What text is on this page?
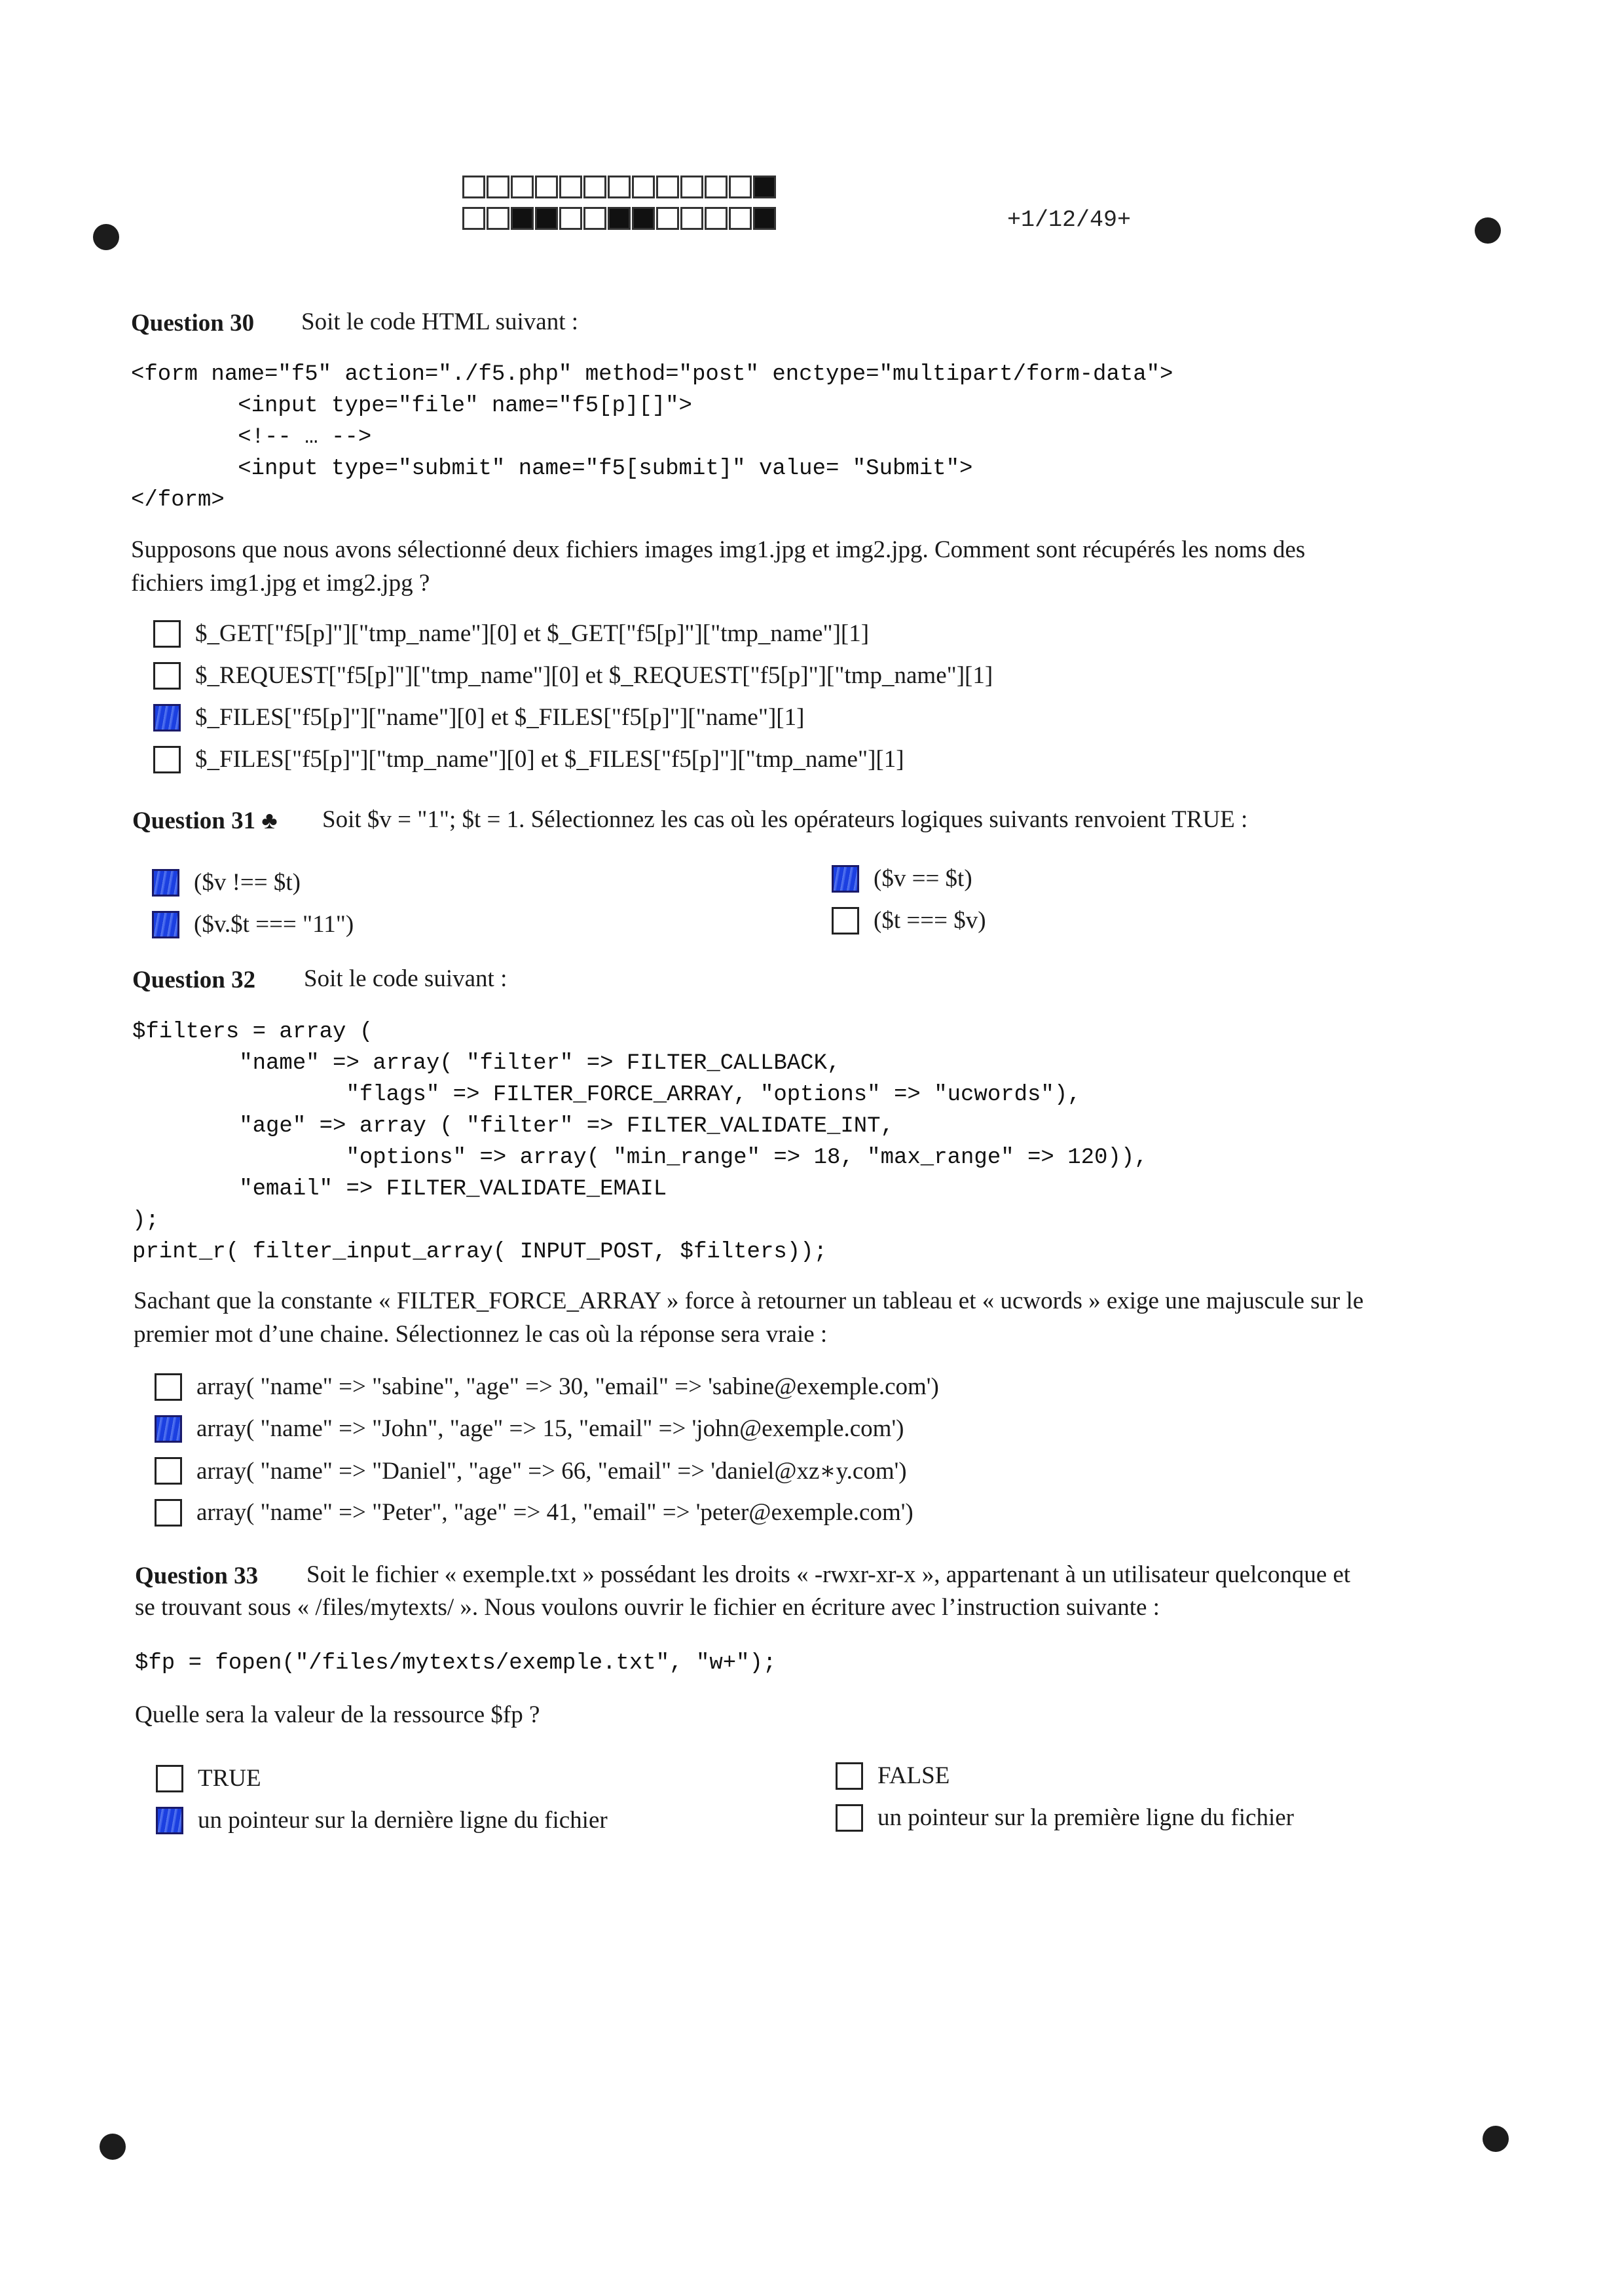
+1/12/49+
Question 30 Soit le code HTML suivant :
<form name="f5" action="./f5.php" method="post" enctype="multipart/form-data">
<input type="file" name="f5[p][]">
<!-- … -->
<input type="submit" name="f5[submit]" value= "Submit">
</form>
Supposons que nous avons sélectionné deux fichiers images img1.jpg et img2.jpg. Comment sont récupérés les noms des
fichiers img1.jpg et img2.jpg ?
$_GET["f5[p]"]["tmp_name"][0] et $_GET["f5[p]"]["tmp_name"][1]
$_REQUEST["f5[p]"]["tmp_name"][0] et $_REQUEST["f5[p]"]["tmp_name"][1]
$_FILES["f5[p]"]["name"][0] et $_FILES["f5[p]"]["name"][1]
$_FILES["f5[p]"]["tmp_name"][0] et $_FILES["f5[p]"]["tmp_name"][1]
Question 31 ♣ Soit $v = "1"; $t = 1. Sélectionnez les cas où les opérateurs logiques suivants renvoient TRUE :
($v !== $t)	($v == $t)
($v.$t === "11")	($t === $v)
Question 32 Soit le code suivant :
$filters = array (
"name" => array( "filter" => FILTER_CALLBACK,
"flags" => FILTER_FORCE_ARRAY, "options" => "ucwords"),
"age" => array ( "filter" => FILTER_VALIDATE_INT,
"options" => array( "min_range" => 18, "max_range" => 120)),
"email" => FILTER_VALIDATE_EMAIL
);
print_r( filter_input_array( INPUT_POST, $filters));
Sachant que la constante « FILTER_FORCE_ARRAY » force à retourner un tableau et « ucwords » exige une majuscule sur le
premier mot d’une chaine. Sélectionnez le cas où la réponse sera vraie :
array( "name" => "sabine", "age" => 30, "email" => 'sabine@exemple.com')
array( "name" => "John", "age" => 15, "email" => 'john@exemple.com')
array( "name" => "Daniel", "age" => 66, "email" => 'daniel@xz∗y.com')
array( "name" => "Peter", "age" => 41, "email" => 'peter@exemple.com')
Question 33 Soit le fichier « exemple.txt » possédant les droits « -rwxr-xr-x », appartenant à un utilisateur quelconque et
se trouvant sous « /files/mytexts/ ». Nous voulons ouvrir le fichier en écriture avec l’instruction suivante :
$fp = fopen("/files/mytexts/exemple.txt", "w+");
Quelle sera la valeur de la ressource $fp ?
TRUE	FALSE
un pointeur sur la dernière ligne du fichier	un pointeur sur la première ligne du fichier
